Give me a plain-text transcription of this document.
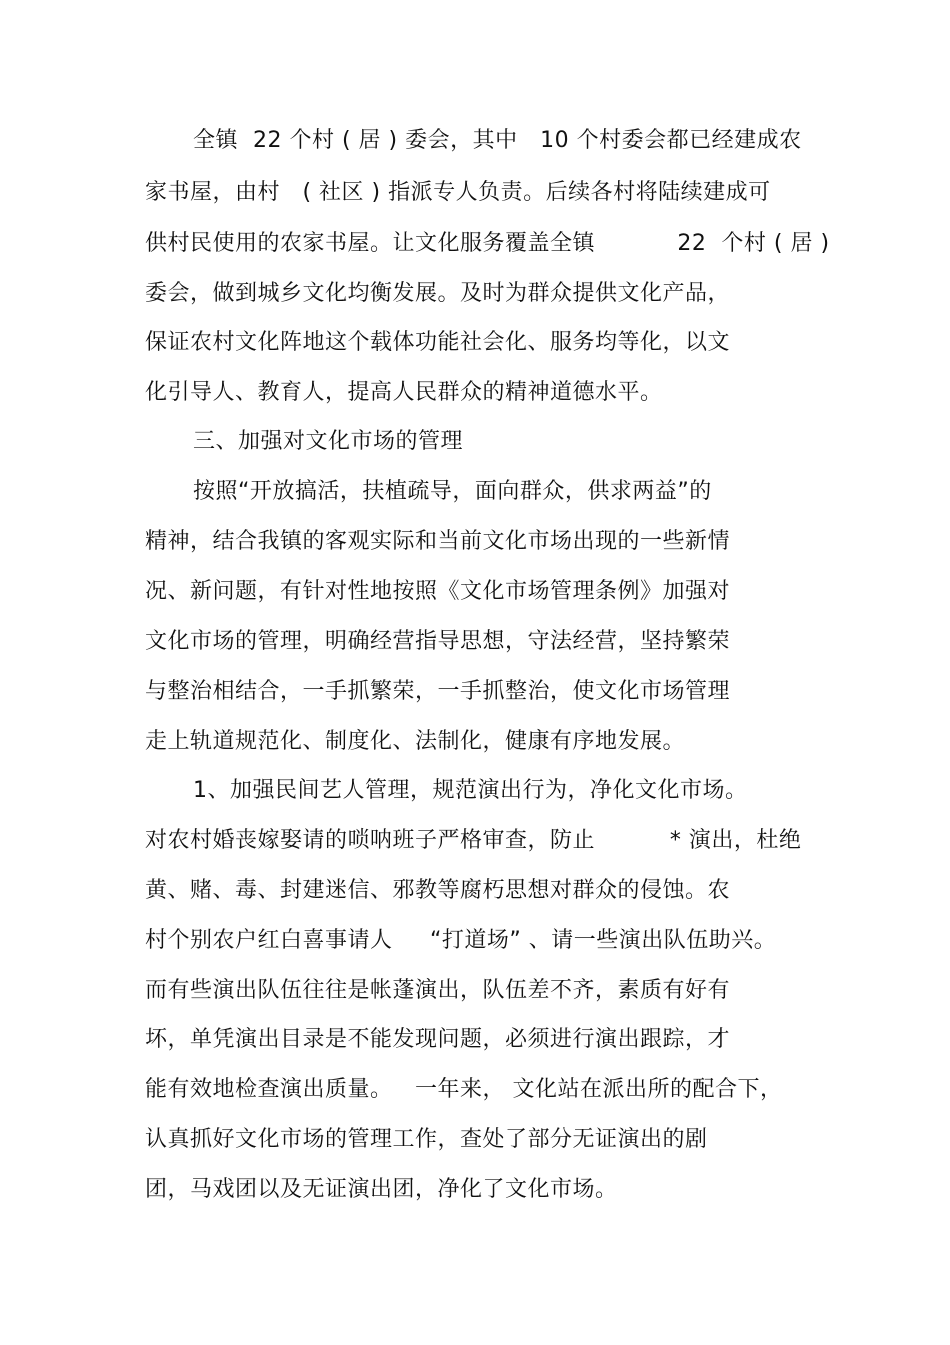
全镇  22 个村 ( 居 ) 委会，其中   10 个村委会都已经建成农
家书屋，由村   ( 社区 ) 指派专人负责。后续各村将陆续建成可
供村民使用的农家书屋。让文化服务覆盖全镇           22  个村 ( 居 )
委会，做到城乡文化均衡发展。及时为群众提供文化产品，
保证农村文化阵地这个载体功能社会化、服务均等化，以文
化引导人、教育人，提高人民群众的精神道德水平。
三、加强对文化市场的管理
按照“开放搞活，扶植疏导，面向群众，供求两益”的
精神，结合我镇的客观实际和当前文化市场出现的一些新情
况、新问题，有针对性地按照《文化市场管理条例》加强对
文化市场的管理，明确经营指导思想，守法经营，坚持繁荣
与整治相结合，一手抓繁荣，一手抓整治，使文化市场管理
走上轨道规范化、制度化、法制化，健康有序地发展。
1、加强民间艺人管理，规范演出行为，净化文化市场。
对农村婚丧嫁娶请的唢呐班子严格审查，防止          * 演出，杜绝
黄、赌、毒、封建迷信、邪教等腐朽思想对群众的侵蚀。农
村个别农户红白喜事请人     “打道场” 、请一些演出队伍助兴。
而有些演出队伍往往是帐蓬演出，队伍差不齐，素质有好有
坏，单凭演出目录是不能发现问题，必须进行演出跟踪，才
能有效地检查演出质量。   一年来， 文化站在派出所的配合下，
认真抓好文化市场的管理工作，查处了部分无证演出的剧
团，马戏团以及无证演出团，净化了文化市场。
